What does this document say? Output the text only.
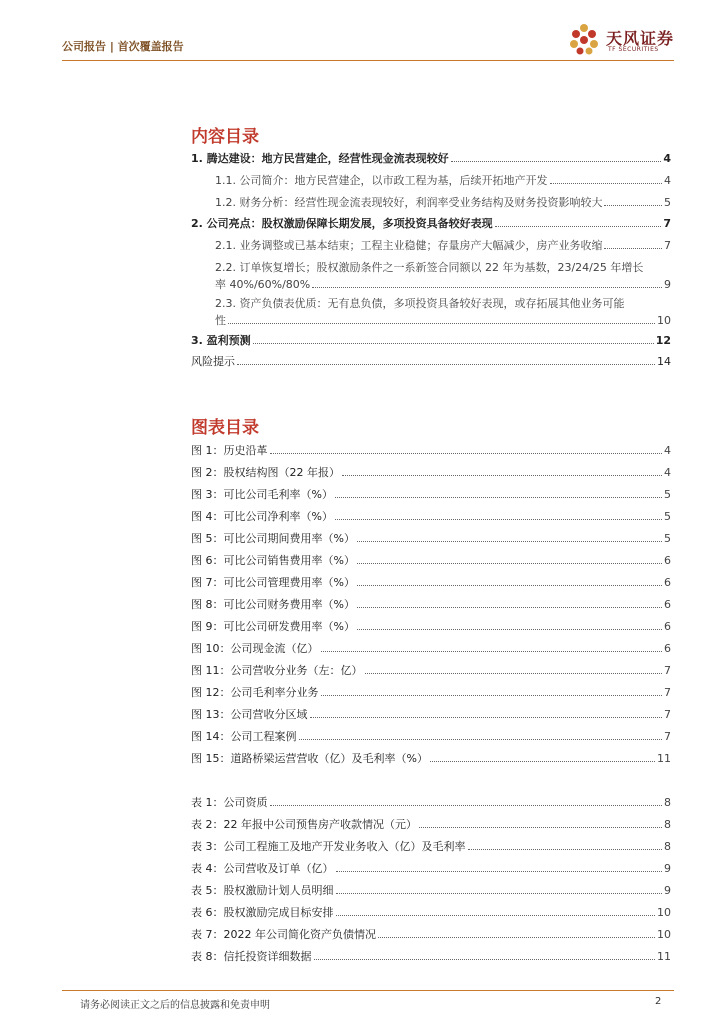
公司报告 | 首次覆盖报告	天风证券
TF SECURITIES
内容目录
1. 腾达建设：地方民营建企，经营性现金流表现较好	4
1.1. 公司简介：地方民营建企，以市政工程为基，后续开拓地产开发	4
1.2. 财务分析：经营性现金流表现较好，利润率受业务结构及财务投资影响较大	5
2. 公司亮点：股权激励保障长期发展，多项投资具备较好表现	7
2.1. 业务调整或已基本结束；工程主业稳健；存量房产大幅减少，房产业务收缩	7
2.2. 订单恢复增长；股权激励条件之一系新签合同额以 22 年为基数，23/24/25 年增长
率 40%/60%/80%	9
2.3. 资产负债表优质：无有息负债，多项投资具备较好表现，或存拓展其他业务可能
性	10
3. 盈利预测	12
风险提示	14
图表目录
图 1：历史沿革	4
图 2：股权结构图（22 年报）	4
图 3：可比公司毛利率（%）	5
图 4：可比公司净利率（%）	5
图 5：可比公司期间费用率（%）	5
图 6：可比公司销售费用率（%）	6
图 7：可比公司管理费用率（%）	6
图 8：可比公司财务费用率（%）	6
图 9：可比公司研发费用率（%）	6
图 10：公司现金流（亿）	6
图 11：公司营收分业务（左：亿）	7
图 12：公司毛利率分业务	7
图 13：公司营收分区域	7
图 14：公司工程案例	7
图 15：道路桥梁运营营收（亿）及毛利率（%）	11
表 1：公司资质	8
表 2：22 年报中公司预售房产收款情况（元）	8
表 3：公司工程施工及地产开发业务收入（亿）及毛利率	8
表 4：公司营收及订单（亿）	9
表 5：股权激励计划人员明细	9
表 6：股权激励完成目标安排	10
表 7：2022 年公司简化资产负债情况	10
表 8：信托投资详细数据	11
请务必阅读正文之后的信息披露和免责申明	2
